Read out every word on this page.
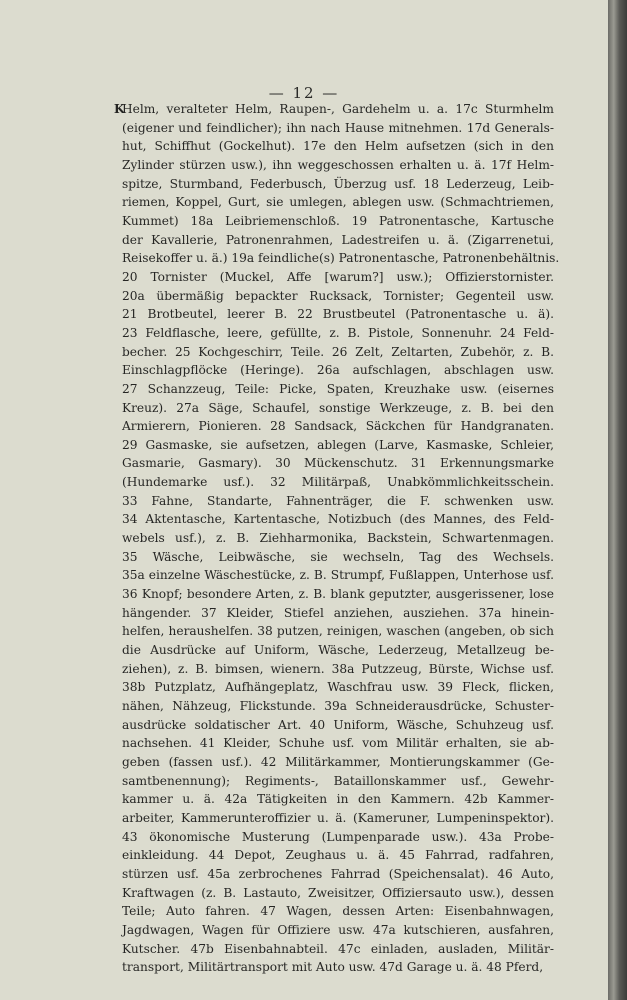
— 12 —
K
Helm, veralteter Helm, Raupen-, Gardehelm u. a. 17c Sturmhelm
(eigener und feindlicher); ihn nach Hause mitnehmen. 17d Generals-
hut, Schiffhut (Gockelhut). 17e den Helm aufsetzen (sich in den
Zylinder stürzen usw.), ihn weggeschossen erhalten u. ä. 17f Helm-
spitze, Sturmband, Federbusch, Überzug usf. 18 Lederzeug, Leib-
riemen, Koppel, Gurt, sie umlegen, ablegen usw. (Schmachtriemen,
Kummet) 18a Leibriemenschloß. 19 Patronentasche, Kartusche
der Kavallerie, Patronenrahmen, Ladestreifen u. ä. (Zigarrenetui,
Reisekoffer u. ä.) 19a feindliche(s) Patronentasche, Patronenbehältnis.
20 Tornister (Muckel, Affe [warum?] usw.); Offizierstornister.
20a übermäßig bepackter Rucksack, Tornister; Gegenteil usw.
21 Brotbeutel, leerer B. 22 Brustbeutel (Patronentasche u. ä).
23 Feldflasche, leere, gefüllte, z. B. Pistole, Sonnenuhr. 24 Feld-
becher. 25 Kochgeschirr, Teile. 26 Zelt, Zeltarten, Zubehör, z. B.
Einschlagpflöcke (Heringe). 26a aufschlagen, abschlagen usw.
27 Schanzzeug, Teile: Picke, Spaten, Kreuzhake usw. (eisernes
Kreuz). 27a Säge, Schaufel, sonstige Werkzeuge, z. B. bei den
Armierern, Pionieren. 28 Sandsack, Säckchen für Handgranaten.
29 Gasmaske, sie aufsetzen, ablegen (Larve, Kasmaske, Schleier,
Gasmarie, Gasmary). 30 Mückenschutz. 31 Erkennungsmarke
(Hundemarke usf.). 32 Militärpaß, Unabkömmlichkeitsschein.
33 Fahne, Standarte, Fahnenträger, die F. schwenken usw.
34 Aktentasche, Kartentasche, Notizbuch (des Mannes, des Feld-
webels usf.), z. B. Ziehharmonika, Backstein, Schwartenmagen.
35 Wäsche, Leibwäsche, sie wechseln, Tag des Wechsels.
35a einzelne Wäschestücke, z. B. Strumpf, Fußlappen, Unterhose usf.
36 Knopf; besondere Arten, z. B. blank geputzter, ausgerissener, lose
hängender. 37 Kleider, Stiefel anziehen, ausziehen. 37a hinein-
helfen, heraushelfen. 38 putzen, reinigen, waschen (angeben, ob sich
die Ausdrücke auf Uniform, Wäsche, Lederzeug, Metallzeug be-
ziehen), z. B. bimsen, wienern. 38a Putzzeug, Bürste, Wichse usf.
38b Putzplatz, Aufhängeplatz, Waschfrau usw. 39 Fleck, flicken,
nähen, Nähzeug, Flickstunde. 39a Schneiderausdrücke, Schuster-
ausdrücke soldatischer Art. 40 Uniform, Wäsche, Schuhzeug usf.
nachsehen. 41 Kleider, Schuhe usf. vom Militär erhalten, sie ab-
geben (fassen usf.). 42 Militärkammer, Montierungskammer (Ge-
samtbenennung); Regiments-, Bataillonskammer usf., Gewehr-
kammer u. ä. 42a Tätigkeiten in den Kammern. 42b Kammer-
arbeiter, Kammerunteroffizier u. ä. (Kameruner, Lumpeninspektor).
43 ökonomische Musterung (Lumpenparade usw.). 43a Probe-
einkleidung. 44 Depot, Zeughaus u. ä. 45 Fahrrad, radfahren,
stürzen usf. 45a zerbrochenes Fahrrad (Speichensalat). 46 Auto,
Kraftwagen (z. B. Lastauto, Zweisitzer, Offiziersauto usw.), dessen
Teile; Auto fahren. 47 Wagen, dessen Arten: Eisenbahnwagen,
Jagdwagen, Wagen für Offiziere usw. 47a kutschieren, ausfahren,
Kutscher. 47b Eisenbahnabteil. 47c einladen, ausladen, Militär-
transport, Militärtransport mit Auto usw. 47d Garage u. ä. 48 Pferd,
